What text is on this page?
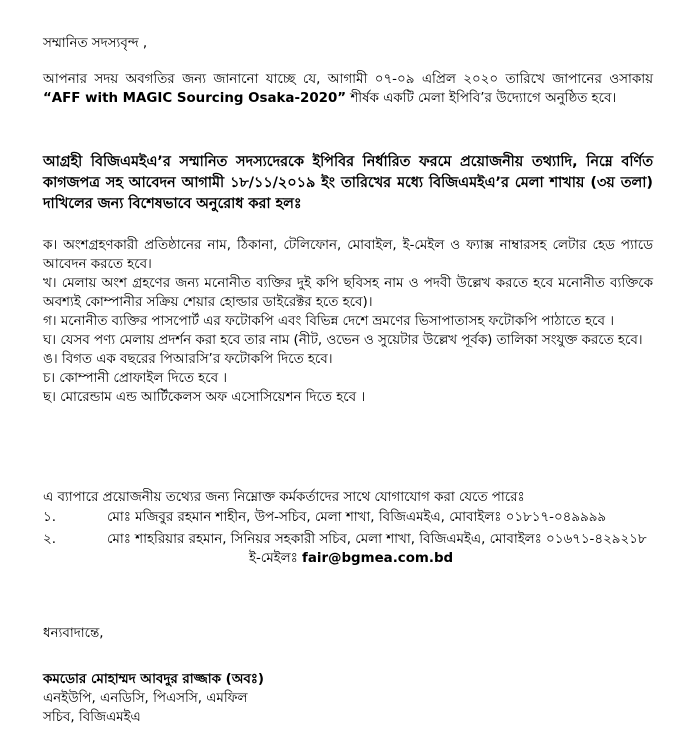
সম্মানিত সদস্যবৃন্দ ,

আপনার সদয় অবগতির জন্য জানানো যাচ্ছে যে, আগামী ০৭-০৯ এপ্রিল ২০২০ তারিখে জাপানের ওসাকায় “AFF with MAGIC Sourcing Osaka-2020” শীর্ষক একটি মেলা ইপিবি’র উদ্যোগে অনুষ্ঠিত হবে।

আগ্রহী বিজিএমইএ’র সম্মানিত সদস্যদেরকে ইপিবির নির্ধারিত ফরমে প্রয়োজনীয় তথ্যাদি, নিম্নে বর্ণিত কাগজপত্র সহ আবেদন আগামী ১৮/১১/২০১৯ ইং তারিখের মধ্যে বিজিএমইএ’র মেলা শাখায় (৩য় তলা) দাখিলের জন্য বিশেষভাবে অনুরোধ করা হলঃ

ক। অংশগ্রহণকারী প্রতিষ্ঠানের নাম, ঠিকানা, টেলিফোন, মোবাইল, ই-মেইল ও ফ্যাক্স নাম্বারসহ লেটার হেড প্যাডে আবেদন করতে হবে।

খ। মেলায় অংশ গ্রহণের জন্য মনোনীত ব্যক্তির দুই কপি ছবিসহ নাম ও পদবী উল্লেখ করতে হবে মনোনীত ব্যক্তিকে অবশ্যই কোম্পানীর সক্রিয় শেয়ার হোল্ডার ডাইরেক্টর হতে হবে)।

গ। মনোনীত ব্যক্তির পাসপোর্ট এর ফটোকপি এবং বিভিন্ন দেশে ভ্রমণের ভিসাপাতাসহ ফটোকপি পাঠাতে হবে ।

ঘ। যেসব পণ্য মেলায় প্রদর্শন করা হবে তার নাম (নীট, ওভেন ও সুয়েটার উল্লেখ পূর্বক) তালিকা সংযুক্ত করতে হবে।

ঙ। বিগত এক বছরের পিআরসি’র ফটোকপি দিতে হবে।

চ। কোম্পানী প্রোফাইল দিতে হবে ।

ছ। মোরেন্ডাম এন্ড আর্টিকেলস অফ এসোসিয়েশন দিতে হবে ।

এ ব্যাপারে প্রয়োজনীয় তথ্যের জন্য নিম্নোক্ত কর্মকর্তাদের সাথে যোগাযোগ করা যেতে পারেঃ

১.	মোঃ মজিবুর রহমান শাহীন, উপ-সচিব, মেলা শাখা, বিজিএমইএ, মোবাইলঃ ০১৮১৭-০৪৯৯৯৯

২.	মোঃ শাহরিয়ার রহমান, সিনিয়র সহকারী সচিব, মেলা শাখা, বিজিএমইএ, মোবাইলঃ ০১৬৭১-৪২৯২১৮

ই-মেইলঃ fair@bgmea.com.bd

ধন্যবাদান্তে,

কমডোর মোহাম্মদ আবদুর রাজ্জাক (অবঃ)

এনইউপি, এনডিসি, পিএসসি, এমফিল

সচিব, বিজিএমইএ
